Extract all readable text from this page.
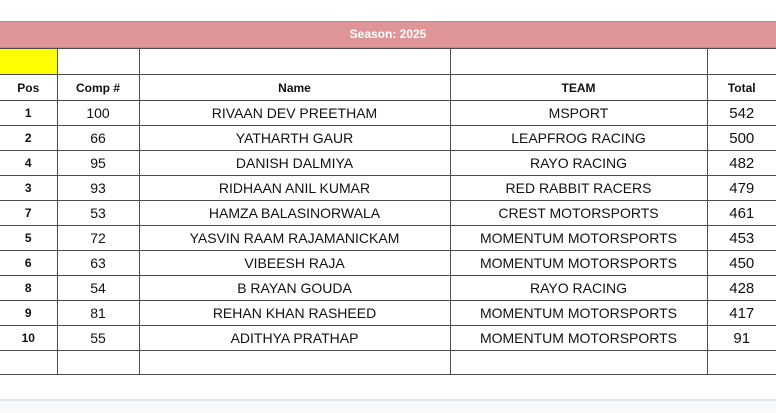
Season: 2025

Pos	Comp #	Name	TEAM	Total
1	100	RIVAAN DEV PREETHAM	MSPORT	542
2	66	YATHARTH GAUR	LEAPFROG RACING	500
4	95	DANISH DALMIYA	RAYO RACING	482
3	93	RIDHAAN ANIL KUMAR	RED RABBIT RACERS	479
7	53	HAMZA BALASINORWALA	CREST MOTORSPORTS	461
5	72	YASVIN RAAM RAJAMANICKAM	MOMENTUM MOTORSPORTS	453
6	63	VIBEESH RAJA	MOMENTUM MOTORSPORTS	450
8	54	B RAYAN GOUDA	RAYO RACING	428
9	81	REHAN KHAN RASHEED	MOMENTUM MOTORSPORTS	417
10	55	ADITHYA PRATHAP	MOMENTUM MOTORSPORTS	91
